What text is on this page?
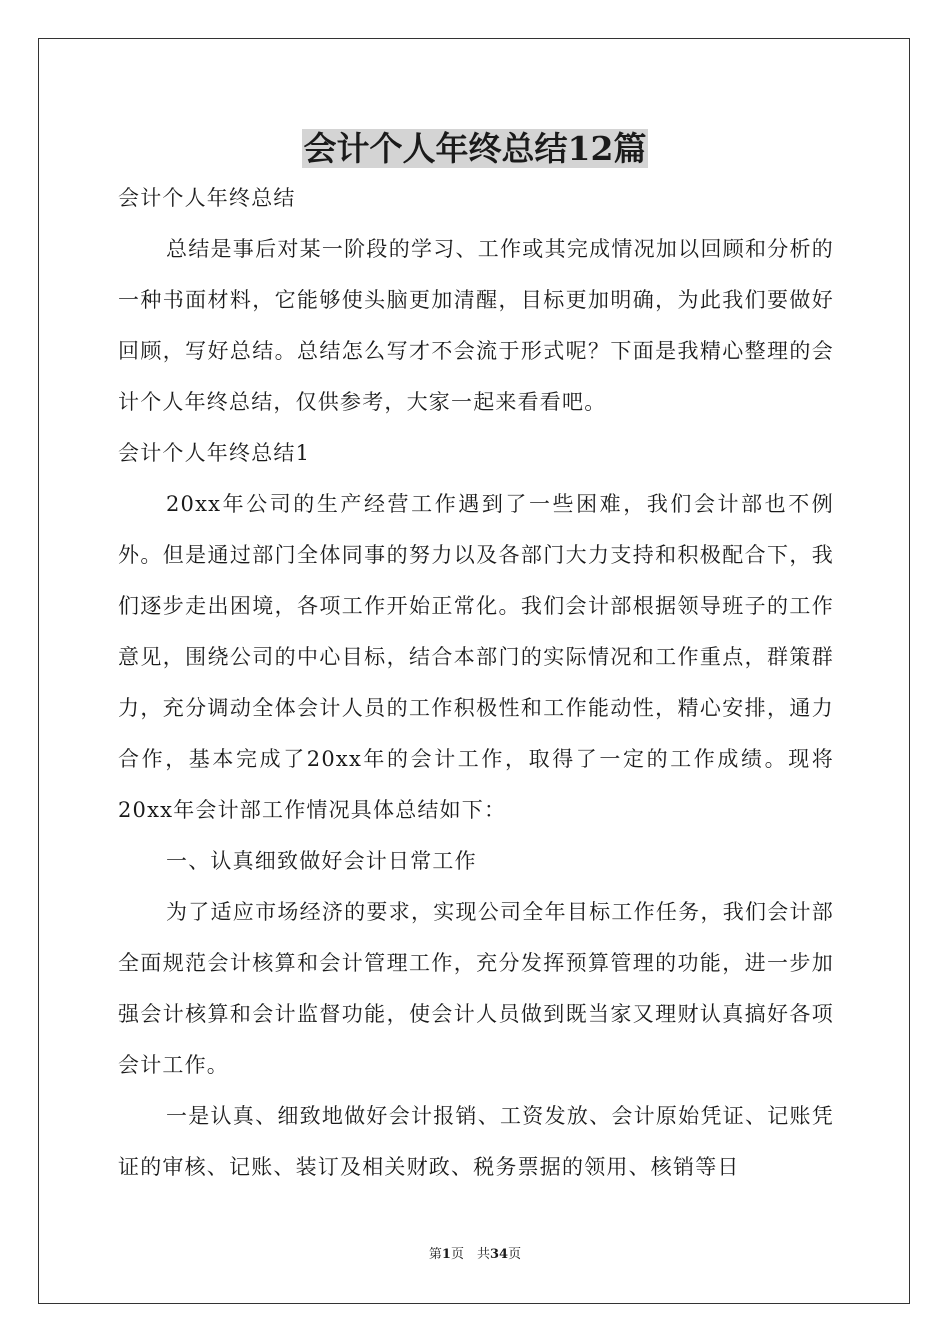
会计个人年终总结12篇

会计个人年终总结

总结是事后对某一阶段的学习、工作或其完成情况加以回顾和分析的一种书面材料，它能够使头脑更加清醒，目标更加明确，为此我们要做好回顾，写好总结。总结怎么写才不会流于形式呢？下面是我精心整理的会计个人年终总结，仅供参考，大家一起来看看吧。

会计个人年终总结1

20xx年公司的生产经营工作遇到了一些困难，我们会计部也不例外。但是通过部门全体同事的努力以及各部门大力支持和积极配合下，我们逐步走出困境，各项工作开始正常化。我们会计部根据领导班子的工作意见，围绕公司的中心目标，结合本部门的实际情况和工作重点，群策群力，充分调动全体会计人员的工作积极性和工作能动性，精心安排，通力合作，基本完成了20xx年的会计工作，取得了一定的工作成绩。现将20xx年会计部工作情况具体总结如下：

一、认真细致做好会计日常工作

为了适应市场经济的要求，实现公司全年目标工作任务，我们会计部全面规范会计核算和会计管理工作，充分发挥预算管理的功能，进一步加强会计核算和会计监督功能，使会计人员做到既当家又理财认真搞好各项会计工作。

一是认真、细致地做好会计报销、工资发放、会计原始凭证、记账凭证的审核、记账、装订及相关财政、税务票据的领用、核销等日

第1页　共34页
